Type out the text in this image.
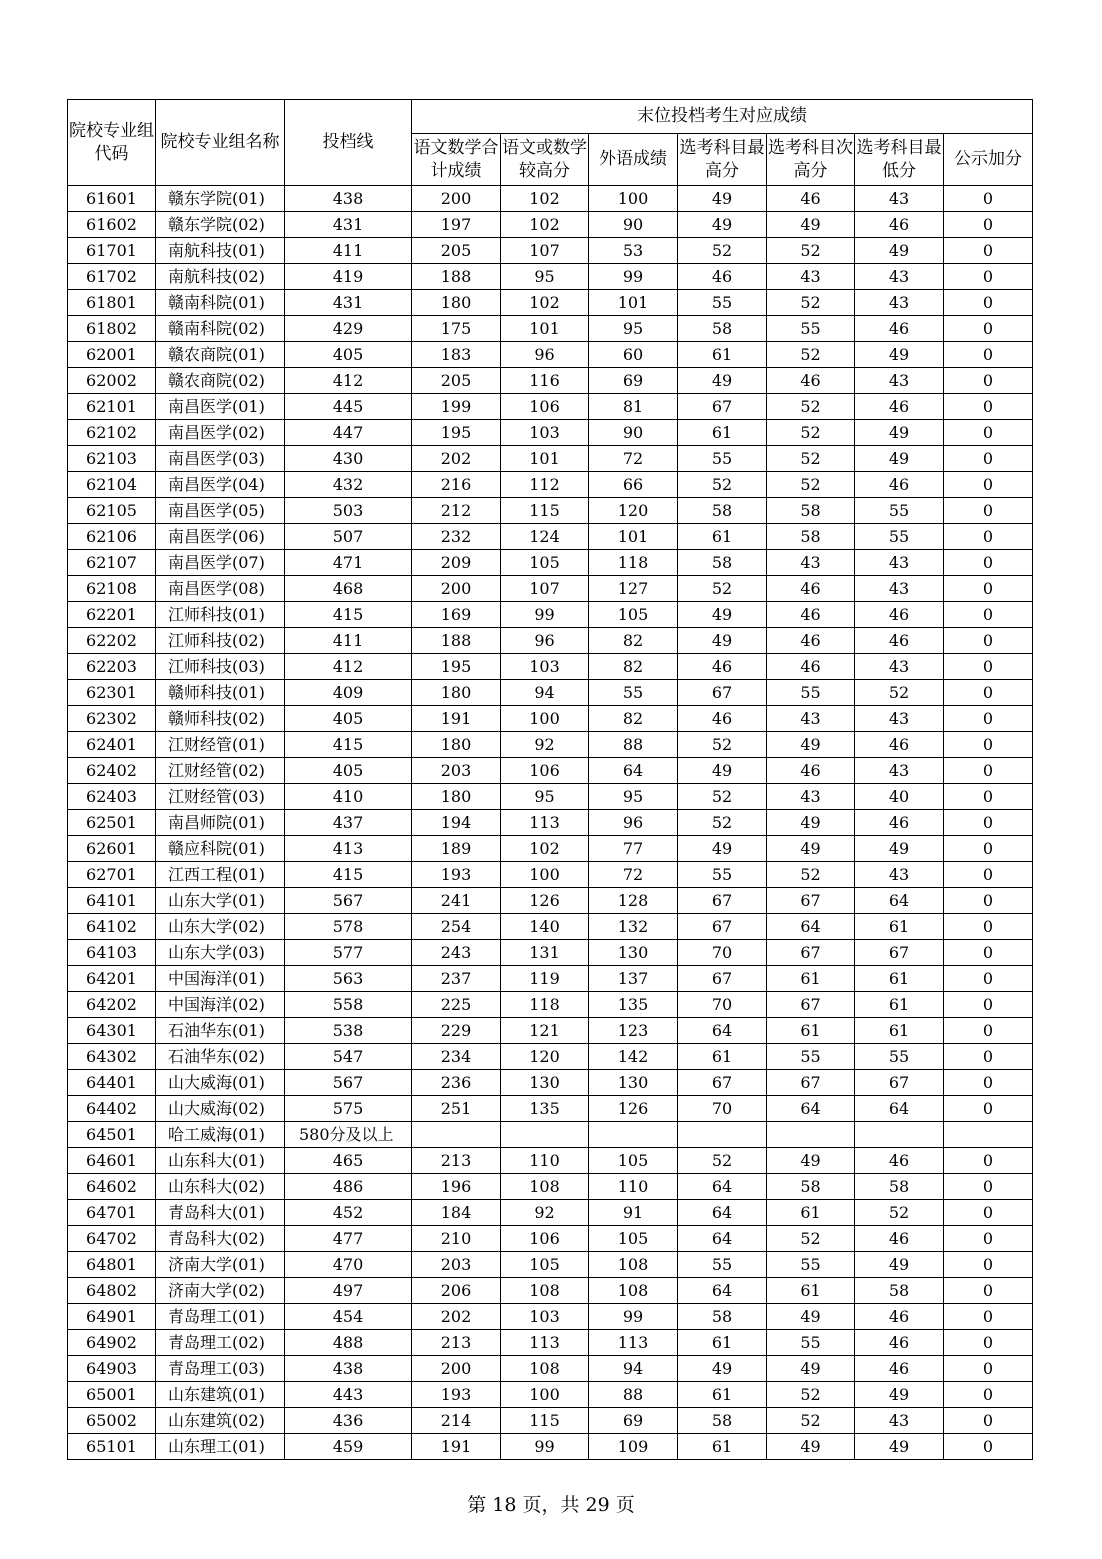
院校专业组代码	院校专业组名称	投档线	末位投档考生对应成绩						
			语文数学合计成绩	语文或数学较高分	外语成绩	选考科目最高分	选考科目次高分	选考科目最低分	公示加分
61601	赣东学院(01)	438	200	102	100	49	46	43	0
61602	赣东学院(02)	431	197	102	90	49	49	46	0
61701	南航科技(01)	411	205	107	53	52	52	49	0
61702	南航科技(02)	419	188	95	99	46	43	43	0
61801	赣南科院(01)	431	180	102	101	55	52	43	0
61802	赣南科院(02)	429	175	101	95	58	55	46	0
62001	赣农商院(01)	405	183	96	60	61	52	49	0
62002	赣农商院(02)	412	205	116	69	49	46	43	0
62101	南昌医学(01)	445	199	106	81	67	52	46	0
62102	南昌医学(02)	447	195	103	90	61	52	49	0
62103	南昌医学(03)	430	202	101	72	55	52	49	0
62104	南昌医学(04)	432	216	112	66	52	52	46	0
62105	南昌医学(05)	503	212	115	120	58	58	55	0
62106	南昌医学(06)	507	232	124	101	61	58	55	0
62107	南昌医学(07)	471	209	105	118	58	43	43	0
62108	南昌医学(08)	468	200	107	127	52	46	43	0
62201	江师科技(01)	415	169	99	105	49	46	46	0
62202	江师科技(02)	411	188	96	82	49	46	46	0
62203	江师科技(03)	412	195	103	82	46	46	43	0
62301	赣师科技(01)	409	180	94	55	67	55	52	0
62302	赣师科技(02)	405	191	100	82	46	43	43	0
62401	江财经管(01)	415	180	92	88	52	49	46	0
62402	江财经管(02)	405	203	106	64	49	46	43	0
62403	江财经管(03)	410	180	95	95	52	43	40	0
62501	南昌师院(01)	437	194	113	96	52	49	46	0
62601	赣应科院(01)	413	189	102	77	49	49	49	0
62701	江西工程(01)	415	193	100	72	55	52	43	0
64101	山东大学(01)	567	241	126	128	67	67	64	0
64102	山东大学(02)	578	254	140	132	67	64	61	0
64103	山东大学(03)	577	243	131	130	70	67	67	0
64201	中国海洋(01)	563	237	119	137	67	61	61	0
64202	中国海洋(02)	558	225	118	135	70	67	61	0
64301	石油华东(01)	538	229	121	123	64	61	61	0
64302	石油华东(02)	547	234	120	142	61	55	55	0
64401	山大威海(01)	567	236	130	130	67	67	67	0
64402	山大威海(02)	575	251	135	126	70	64	64	0
64501	哈工威海(01)	580分及以上							
64601	山东科大(01)	465	213	110	105	52	49	46	0
64602	山东科大(02)	486	196	108	110	64	58	58	0
64701	青岛科大(01)	452	184	92	91	64	61	52	0
64702	青岛科大(02)	477	210	106	105	64	52	46	0
64801	济南大学(01)	470	203	105	108	55	55	49	0
64802	济南大学(02)	497	206	108	108	64	61	58	0
64901	青岛理工(01)	454	202	103	99	58	49	46	0
64902	青岛理工(02)	488	213	113	113	61	55	46	0
64903	青岛理工(03)	438	200	108	94	49	49	46	0
65001	山东建筑(01)	443	193	100	88	61	52	49	0
65002	山东建筑(02)	436	214	115	69	58	52	43	0
65101	山东理工(01)	459	191	99	109	61	49	49	0
第 18 页，共 29 页
